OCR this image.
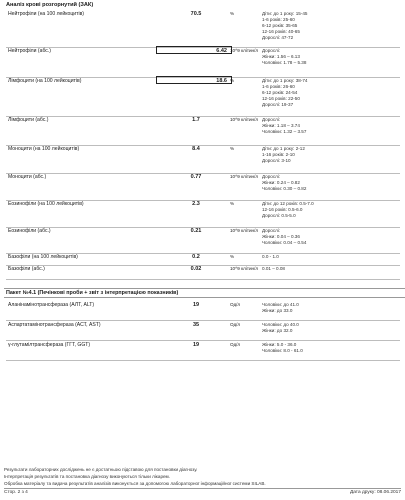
Аналіз крові розгорнутий (ЗАК)
Нейтрофіли (на 100 лейкоцитів)	70.5	%	Діти: до 1 року: 15-45
1-6 років: 25-60
6-12 років: 35-65
12-16 років: 40-65
Дорослі: 47-72
Нейтрофіли (абс.)	6.42 10^9 клітин/л Дорослі:
Жінки: 1.56 – 6.13
Чоловіки: 1.78 – 5.38
Лімфоцити (на 100 лейкоцитів)	18.6 %	Діти: до 1 року: 38-74
1-6 років: 26-60
6-12 років: 24-54
12-16 років: 22-50
Дорослі: 19-37
Лімфоцити (абс.)	1.7	10^9 клітин/л Дорослі:
Жінки: 1.18 – 3.74
Чоловіки: 1.32 – 3.57
Моноцити (на 100 лейкоцитів)	8.4	%	Діти: до 1 року: 2-12
1-16 років: 2-10
Дорослі: 3-10
Моноцити (абс.)	0.77	10^9 клітин/л Дорослі:
Жінки: 0.24 – 0.82
Чоловіки: 0.30 – 0.82
Еозинофіли (на 100 лейкоцитів)	2.3	%	Діти: до 12 років: 0.5-7.0
12-16 років: 0.5-6.0
Дорослі: 0.5-5.0
Еозинофіли (абс.)	0.21	10^9 клітин/л Дорослі:
Жінки: 0.04 – 0.36
Чоловіки: 0.04 – 0.54
Базофіли (на 100 лейкоцитів)	0.2	%	0.0 - 1.0
Базофіли (абс.)	0.02	10^9 клітин/л 0.01 – 0.08
Пакет №4.1 (Печінкові проби + звіт з інтерпретацією показників)
Аланінамінотрансфераза (АЛТ, ALT)	19	Од/л	Чоловіки: до 41.0
Жінки: до 33.0
Аспартатамінотрансфераза (АСТ, AST)	35	Од/л	Чоловіки: до 40.0
Жінки: до 32.0
γ-глутамілтрансфераза (ГГТ, GGT)	19	Од/л	Жінки: 5.0 - 36.0
Чоловіки: 8.0 - 61.0
Результати лабораторних досліджень не є достатньою підставою для постановки діагнозу.
Інтерпретація результатів та постановка діагнозу виконуються тільки лікарем.
Обробка матеріалу та видача результатів аналізів виконується за допомогою лабораторної інформаційної системи SILAB.
Стор. 2 з 4	Дата друку: 08.06.2017
